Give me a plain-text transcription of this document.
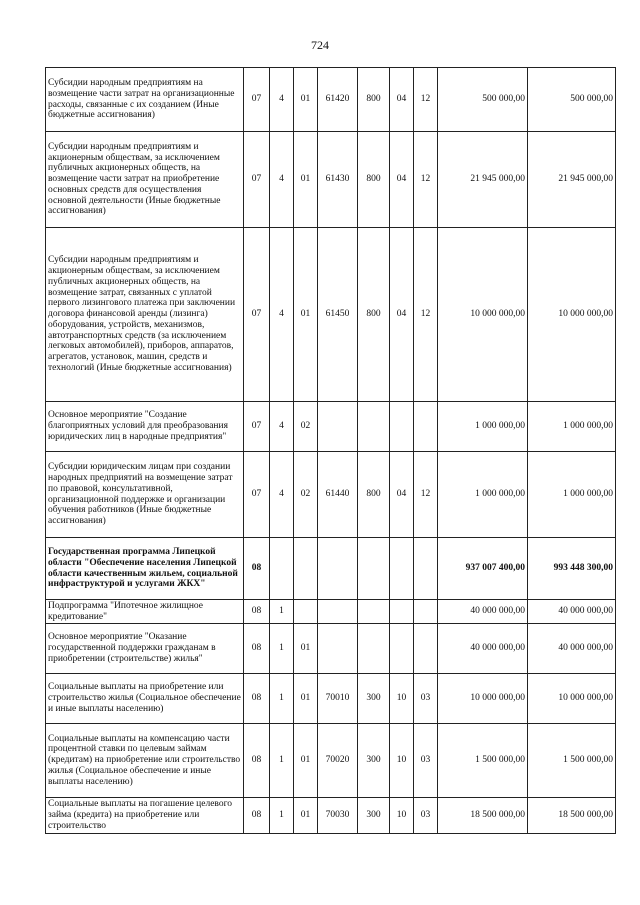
724
Субсидии народным предприятиям на возмещение части затрат на организационные расходы, связанные с их созданием (Иные бюджетные ассигнования)	07	4	01	61420	800	04	12	500 000,00	500 000,00
Субсидии народным предприятиям и акционерным обществам, за исключением публичных акционерных обществ, на возмещение части затрат на приобретение основных средств для осуществления основной деятельности (Иные бюджетные ассигнования)	07	4	01	61430	800	04	12	21 945 000,00	21 945 000,00
Субсидии народным предприятиям и акционерным обществам, за исключением публичных акционерных обществ, на возмещение затрат, связанных с уплатой первого лизингового платежа при заключении договора финансовой аренды (лизинга) оборудования, устройств, механизмов, автотранспортных средств (за исключением легковых автомобилей), приборов, аппаратов, агрегатов, установок, машин, средств и технологий (Иные бюджетные ассигнования)	07	4	01	61450	800	04	12	10 000 000,00	10 000 000,00
Основное мероприятие "Создание благоприятных условий для преобразования юридических лиц в народные предприятия"	07	4	02					1 000 000,00	1 000 000,00
Субсидии юридическим лицам при создании народных предприятий на возмещение затрат по правовой, консультативной, организационной поддержке и организации обучения работников (Иные бюджетные ассигнования)	07	4	02	61440	800	04	12	1 000 000,00	1 000 000,00
Государственная программа Липецкой области "Обеспечение населения Липецкой области качественным жильем, социальной инфраструктурой и услугами ЖКХ"	08							937 007 400,00	993 448 300,00
Подпрограмма "Ипотечное жилищное кредитование"	08	1						40 000 000,00	40 000 000,00
Основное мероприятие "Оказание государственной поддержки гражданам в приобретении (строительстве) жилья"	08	1	01					40 000 000,00	40 000 000,00
Социальные выплаты на приобретение или строительство жилья (Социальное обеспечение и иные выплаты населению)	08	1	01	70010	300	10	03	10 000 000,00	10 000 000,00
Социальные выплаты на компенсацию части процентной ставки по целевым займам (кредитам) на приобретение или строительство жилья (Социальное обеспечение и иные выплаты населению)	08	1	01	70020	300	10	03	1 500 000,00	1 500 000,00
Социальные выплаты на погашение целевого займа (кредита) на приобретение или строительство	08	1	01	70030	300	10	03	18 500 000,00	18 500 000,00
